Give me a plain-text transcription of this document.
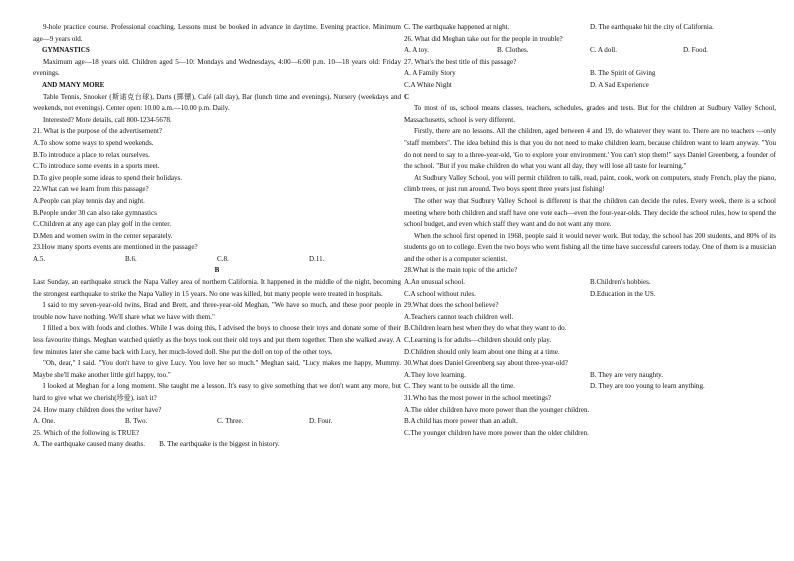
9-hole practice course. Professional coaching. Lessons must be booked in advance in daytime. Evening practice. Minimum age—9 years old.

GYMNASTICS

Maximum age—18 years old. Children aged 5—10: Mondays and Wednesdays, 4:00—6:00 p.m. 10—18 years old: Friday evenings.

AND MANY MORE

Table Tennis, Snooker (斯诺克台球), Darts (掷镖), Café (all day), Bar (lunch time and evenings), Nursery (weekdays and weekends, not evenings). Center open: 10.00 a.m.—10.00 p.m. Daily.

Interested? More details, call 800-1234-5678.

21. What is the purpose of the advertisement?

A.To show some ways to spend weekends.

B.To introduce a place to relax ourselves.

C.To introduce some events in a sports meet.

D.To give people some ideas to spend their holidays.

22.What can we learn from this passage?

A.People can play tennis day and night.

B.People under 30 can also take gymnastics

C.Children at any age can play golf in the center.

D.Men and women swim in the center separately.

23.How many sports events are mentioned in the passage?

A.5.	B.6.	C.8.	D.11.

B

Last Sunday, an earthquake struck the Napa Valley area of northern California. It happened in the middle of the night, becoming the strongest earthquake to strike the Napa Valley in 15 years. No one was killed, but many people were treated in hospitals.

I said to my seven-year-old twins, Brad and Brett, and three-year-old Meghan, "We have so much, and these poor people in trouble now have nothing. We'll share what we have with them."

I filled a box with foods and clothes. While I was doing this, I advised the boys to choose their toys and donate some of their less favourite things. Meghan watched quietly as the boys took out their old toys and put them together. Then she walked away. A few minutes later she came back with Lucy, her much-loved doll. She put the doll on top of the other toys.

"Oh, dear," I said. "You don't have to give Lucy. You love her so much." Meghan said, "Lucy makes me happy, Mummy. Maybe she'll make another little girl happy, too."

I looked at Meghan for a long moment. She taught me a lesson. It's easy to give something that we don't want any more, but hard to give what we cherish(珍爱), isn't it?

24. How many children does the writer have?

A. One.	B. Two.	C. Three.	D. Four.

25. Which of the following is TRUE?

A. The earthquake caused many deaths.        B. The earthquake is the biggest in history.

C. The earthquake happened at night.	D. The earthquake hit the city of California.

26. What did Meghan take out for the people in trouble?

A. A toy.	B. Clothes.	C. A doll.	D. Food.

27. What's the best title of this passage?

A. A Family Story	B. The Spirit of Giving
C.A White Night	D. A Sad Experience

C

To most of us, school means classes, teachers, schedules, grades and tests. But for the children at Sudbury Valley School, Massachusetts, school is very different.

Firstly, there are no lessons. All the children, aged between 4 and 19, do whatever they want to. There are no teachers —only "staff members". The idea behind this is that you do not need to make children learn, because children want to learn anyway. "You do not need to say to a three-year-old, 'Go to explore your environment.' You can't stop them!" says Daniel Greenberg, a founder of the school. "But if you make children do what you want all day, they will lose all taste for learning."

At Sudbury Valley School, you will permit children to talk, read, paint, cook, work on computers, study French, play the piano, climb trees, or just run around. Two boys spent three years just fishing!

The other way that Sudbury Valley School is different is that the children can decide the rules. Every week, there is a school meeting where both children and staff have one vote each—even the four-year-olds. They decide the school rules, how to spend the school budget, and even which staff they want and do not want any more.

When the school first opened in 1968, people said it would never work. But today, the school has 200 students, and 80% of its students go on to college. Even the two boys who went fishing all the time have successful careers today. One of them is a musician and the other is a computer scientist.

28.What is the main topic of the article?

A.An unusual school.	B.Children's hobbies.
C.A school without rules.	D.Education in the US.

29.What does the school believe?

A.Teachers cannot teach children well.

B.Children learn best when they do what they want to do.

C.Learning is for adults—children should only play.

D.Children should only learn about one thing at a time.

30.What does Daniel Greenberg say about three-year-old?

A.They love learning.	B. They are very naughty.
C. They want to be outside all the time.	D. They are too young to learn anything.

31.Who has the most power in the school meetings?

A.The older children have more power than the younger children.

B.A child has more power than an adult.

C.The younger children have more power than the older children.
